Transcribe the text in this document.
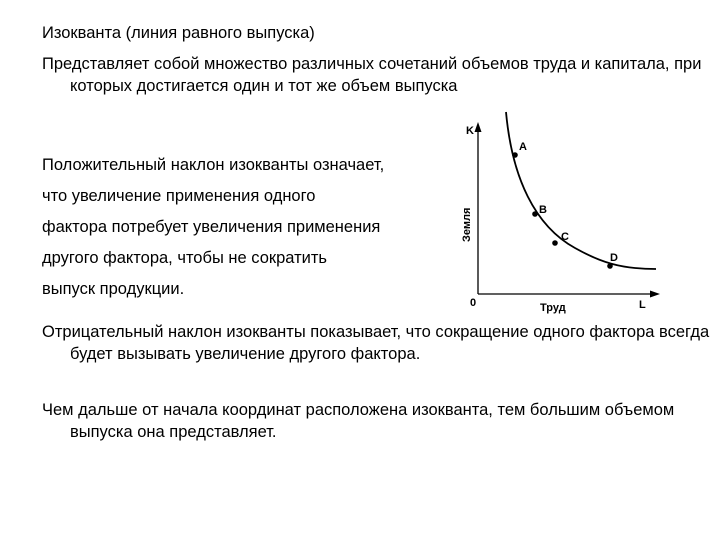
Изокванта (линия равного выпуска)

Представляет собой множество различных сочетаний объемов труда и капитала, при которых достигается один и тот же объем выпуска

Положительный наклон изокванты означает,
что увеличение применения одного
фактора потребует увеличения применения
другого фактора, чтобы не сократить
выпуск продукции.

Отрицательный наклон изокванты показывает, что сокращение одного фактора всегда будет вызывать увеличение другого фактора.

Чем дальше от начала координат расположена изокванта, тем большим объемом выпуска она представляет.

A
B
C
D
K
L
0
Земля
Труд
